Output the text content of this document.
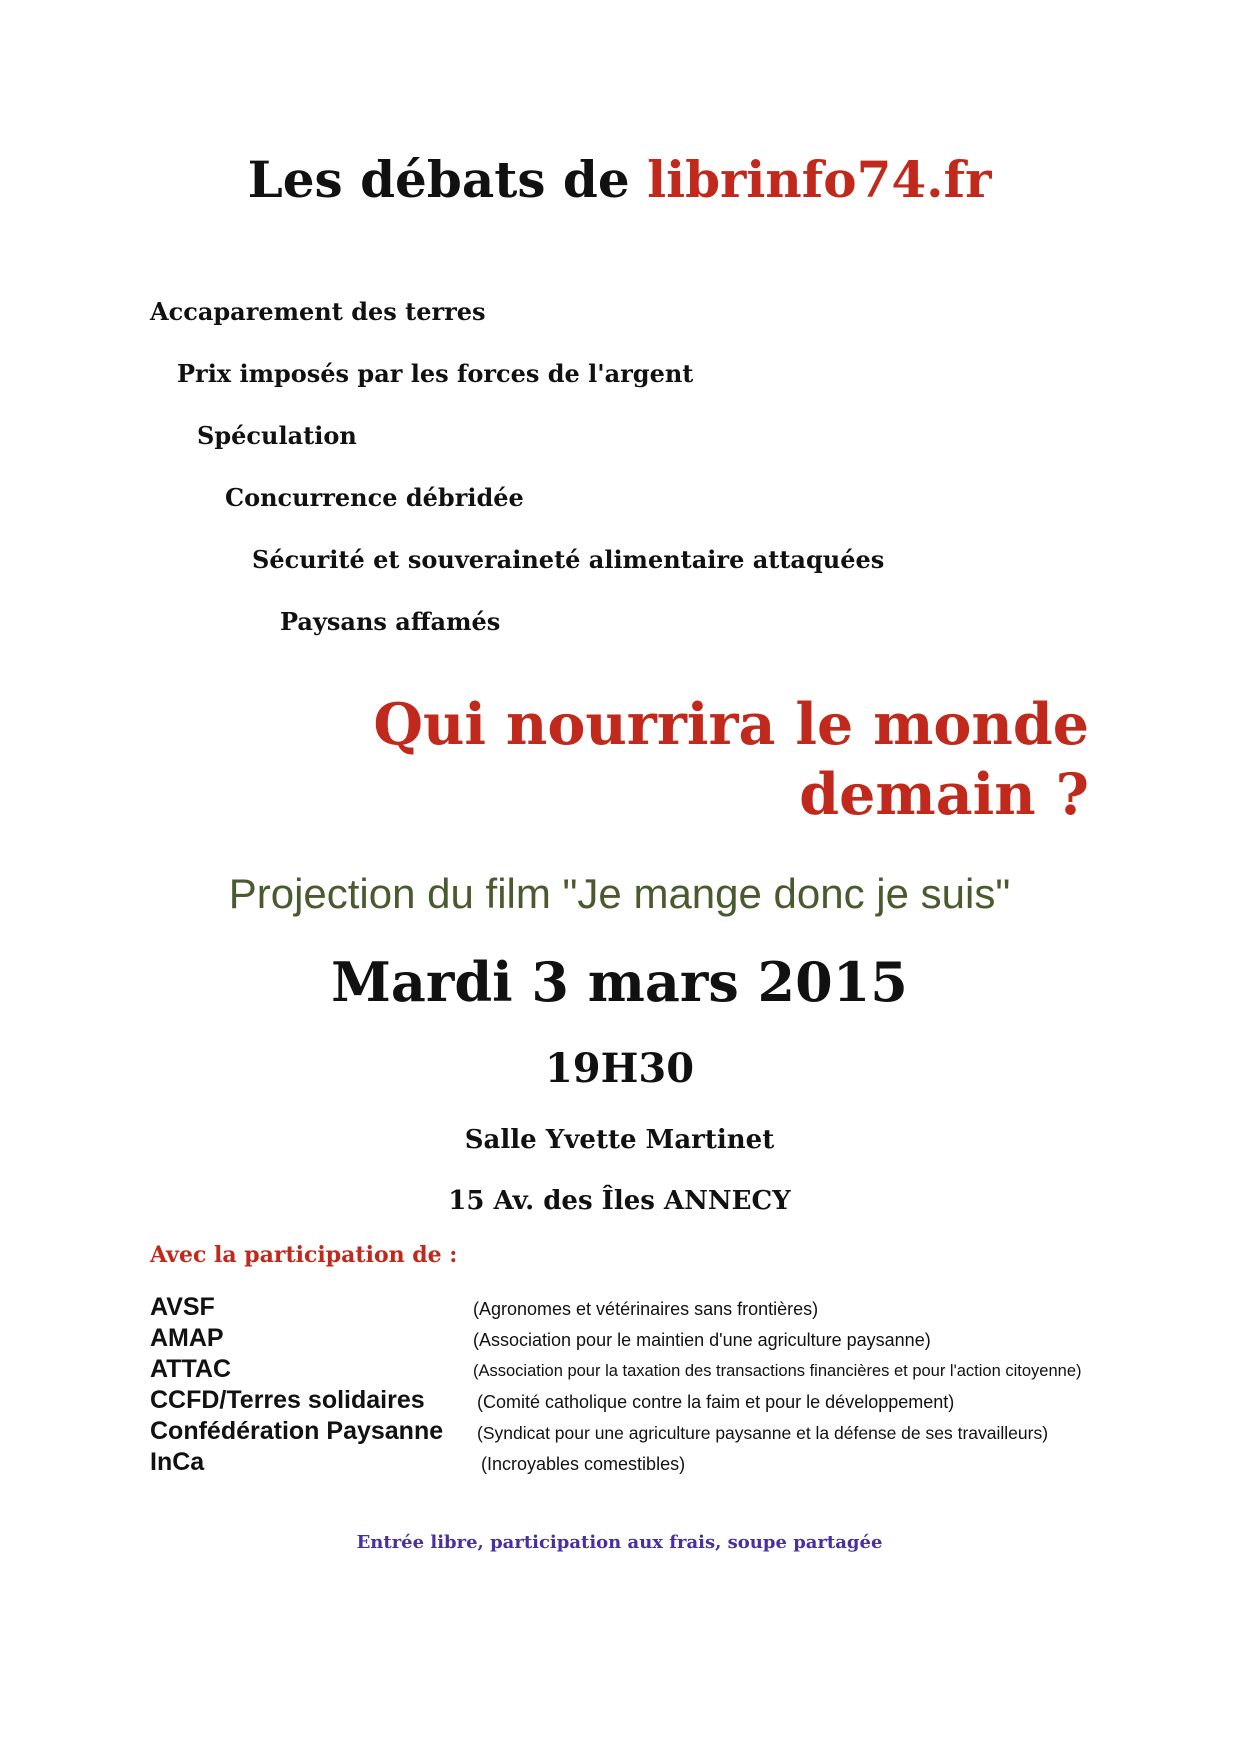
Les débats de librinfo74.fr
Accaparement des terres
Prix imposés par les forces de l'argent
Spéculation
Concurrence débridée
Sécurité et souveraineté alimentaire attaquées
Paysans affamés
Qui nourrira le monde
demain ?
Projection du film "Je mange donc je suis"
Mardi 3 mars 2015
19H30
Salle Yvette Martinet
15 Av. des Îles ANNECY
Avec la participation de :
AVSF	(Agronomes et vétérinaires sans frontières)
AMAP	(Association pour le maintien d'une agriculture paysanne)
ATTAC	(Association pour la taxation des transactions financières et pour l'action citoyenne)
CCFD/Terres solidaires	(Comité catholique contre la faim et pour le développement)
Confédération Paysanne (Syndicat pour une agriculture paysanne et la défense de ses travailleurs)
InCa	(Incroyables comestibles)
Entrée libre, participation aux frais, soupe partagée
